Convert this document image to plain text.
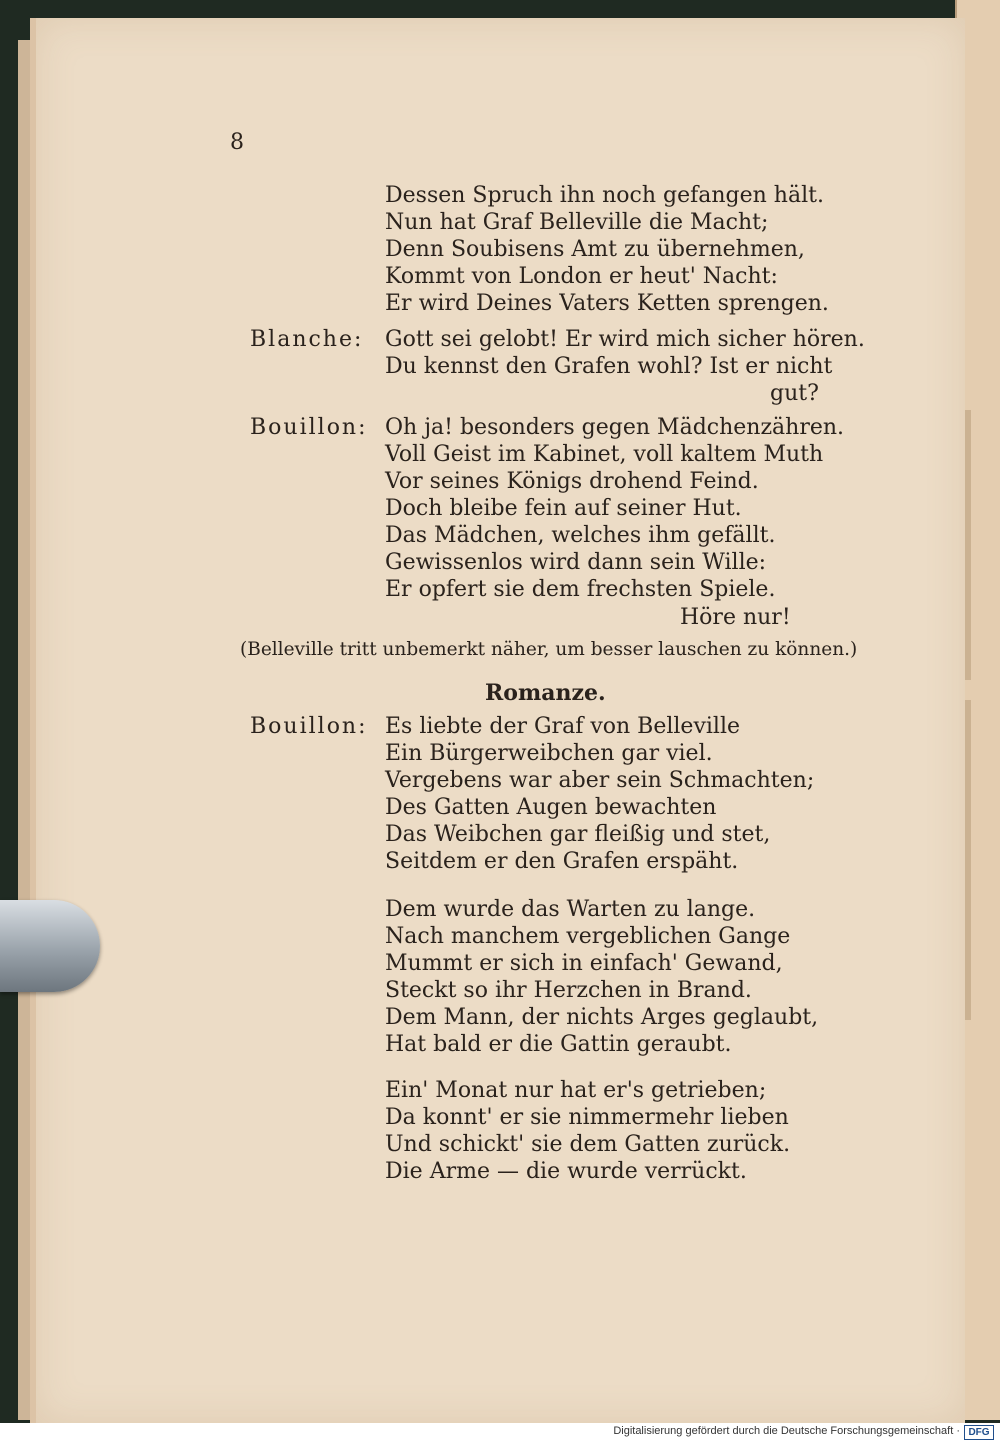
8
Dessen Spruch ihn noch gefangen hält.
Nun hat Graf Belleville die Macht;
Denn Soubisens Amt zu übernehmen,
Kommt von London er heut' Nacht:
Er wird Deines Vaters Ketten sprengen.
Blanche: Gott sei gelobt! Er wird mich sicher hören.
Du kennst den Grafen wohl? Ist er nicht
gut?
Bouillon: Oh ja! besonders gegen Mädchenzähren.
Voll Geist im Kabinet, voll kaltem Muth
Vor seines Königs drohend Feind.
Doch bleibe fein auf seiner Hut.
Das Mädchen, welches ihm gefällt.
Gewissenlos wird dann sein Wille:
Er opfert sie dem frechsten Spiele.
Höre nur!
(Belleville tritt unbemerkt näher, um besser lauschen zu können.)
Romanze.
Bouillon: Es liebte der Graf von Belleville
Ein Bürgerweibchen gar viel.
Vergebens war aber sein Schmachten;
Des Gatten Augen bewachten
Das Weibchen gar fleißig und stet,
Seitdem er den Grafen erspäht.
Dem wurde das Warten zu lange.
Nach manchem vergeblichen Gange
Mummt er sich in einfach' Gewand,
Steckt so ihr Herzchen in Brand.
Dem Mann, der nichts Arges geglaubt,
Hat bald er die Gattin geraubt.
Ein' Monat nur hat er's getrieben;
Da konnt' er sie nimmermehr lieben
Und schickt' sie dem Gatten zurück.
Die Arme — die wurde verrückt.
Digitalisierung gefördert durch die Deutsche Forschungsgemeinschaft · DFG
